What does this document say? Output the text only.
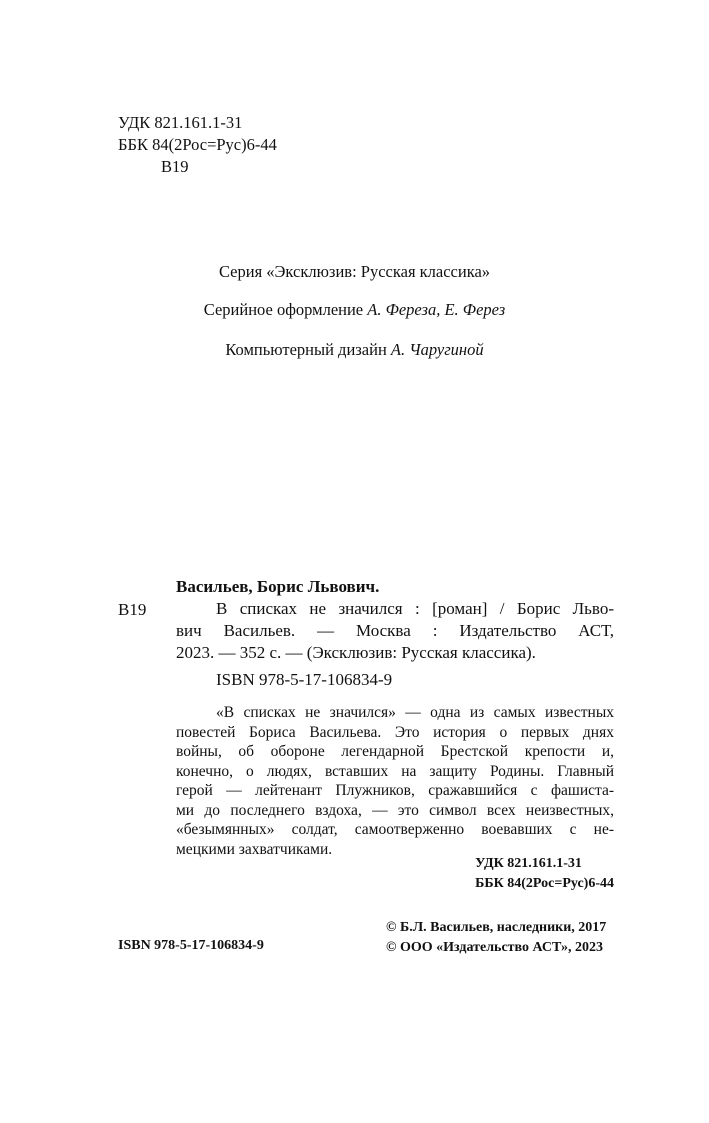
УДК 821.161.1-31
ББК 84(2Рос=Рус)6-44
В19
Серия «Эксклюзив: Русская классика»
Серийное оформление А. Фереза, Е. Ферез
Компьютерный дизайн А. Чаругиной
Васильев, Борис Львович.
В19	В списках не значился : [роман] / Борис Льво-
вич Васильев. — Москва : Издательство АСТ,
2023. — 352 с. — (Эксклюзив: Русская классика).
ISBN 978-5-17-106834-9
«В списках не значился» — одна из самых известных
повестей Бориса Васильева. Это история о первых днях
войны, об обороне легендарной Брестской крепости и,
конечно, о людях, вставших на защиту Родины. Главный
герой — лейтенант Плужников, сражавшийся с фашиста-
ми до последнего вздоха, — это символ всех неизвестных,
«безымянных» солдат, самоотверженно воевавших с не-
мецкими захватчиками.
УДК 821.161.1-31
ББК 84(2Рос=Рус)6-44
© Б.Л. Васильев, наследники, 2017
© ООО «Издательство АСТ», 2023
ISBN 978-5-17-106834-9
